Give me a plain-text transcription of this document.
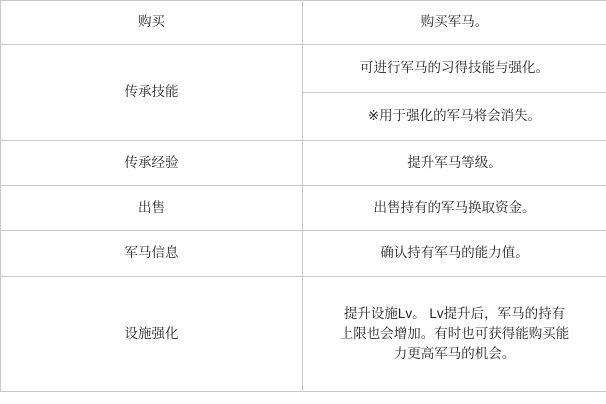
购买	购买军马。
传承技能	可进行军马的习得技能与强化。
	※用于强化的军马将会消失。
传承经验	提升军马等级。
出售	出售持有的军马换取资金。
军马信息	确认持有军马的能力值。
设施强化	提升设施Lv。 Lv提升后，军马的持有上限也会增加。有时也可获得能购买能力更高军马的机会。
